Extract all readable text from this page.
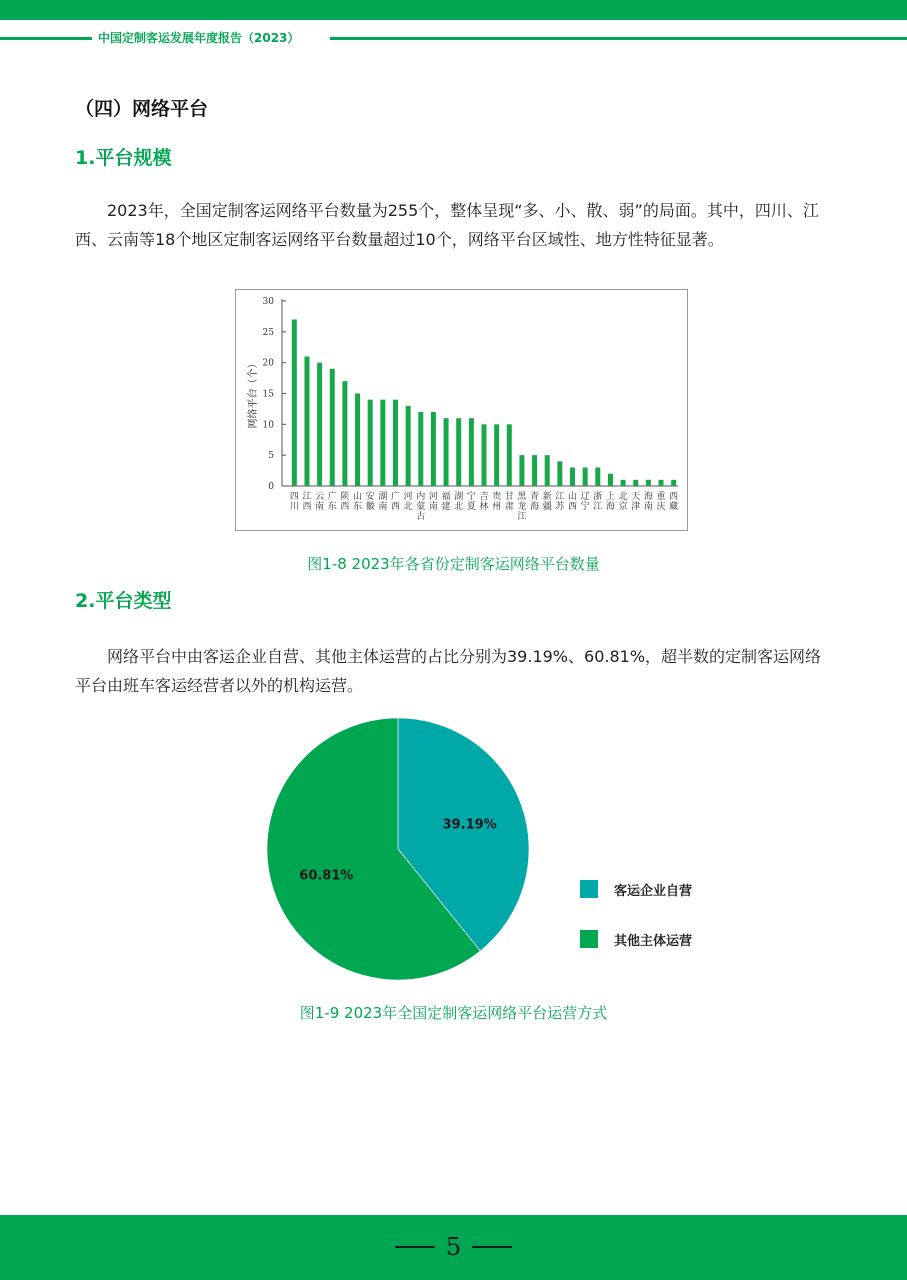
中国定制客运发展年度报告（2023）
（四）网络平台
1.平台规模

2023年，全国定制客运网络平台数量为255个，整体呈现“多、小、散、弱”的局面。其中，四川、江西、云南等18个地区定制客运网络平台数量超过10个，网络平台区域性、地方性特征显著。

0
5
10
15
20
25
30
网络平台（个）
四川
江西
云南
广东
陕西
山东
安徽
湖南
广西
河北
内蒙古
河南
福建
湖北
宁夏
吉林
贵州
甘肃
黑龙江
青海
新疆
江苏
山西
辽宁
浙江
上海
北京
天津
海南
重庆
西藏
图1-8 2023年各省份定制客运网络平台数量
2.平台类型

网络平台中由客运企业自营、其他主体运营的占比分别为39.19%、60.81%，超半数的定制客运网络平台由班车客运经营者以外的机构运营。

39.19%
60.81%
客运企业自营
其他主体运营
图1-9 2023年全国定制客运网络平台运营方式
5
